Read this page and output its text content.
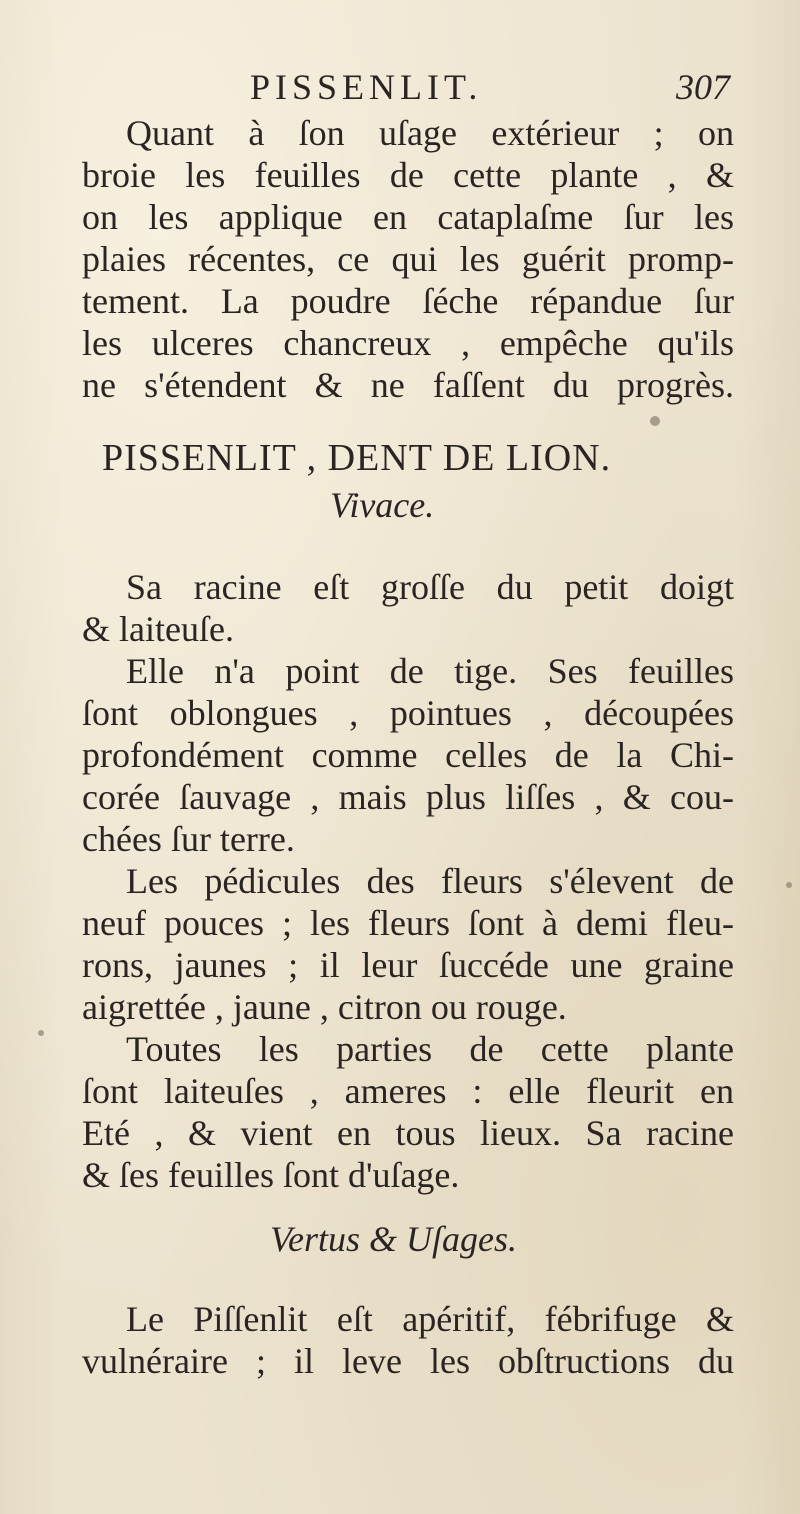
PISSENLIT.	307
Quant à ſon uſage extérieur ; on
broie les feuilles de cette plante , &
on les applique en cataplaſme ſur les
plaies récentes, ce qui les guérit promp-
tement. La poudre ſéche répandue ſur
les ulceres chancreux , empêche qu'ils
ne s'étendent & ne faſſent du progrès.
PISSENLIT , DENT DE LION.
Vivace.
Sa racine eſt groſſe du petit doigt
& laiteuſe.
Elle n'a point de tige. Ses feuilles
ſont oblongues , pointues , découpées
profondément comme celles de la Chi-
corée ſauvage , mais plus liſſes , & cou-
chées ſur terre.
Les pédicules des fleurs s'élevent de
neuf pouces ; les fleurs ſont à demi fleu-
rons, jaunes ; il leur ſuccéde une graine
aigrettée , jaune , citron ou rouge.
Toutes les parties de cette plante
ſont laiteuſes , ameres : elle fleurit en
Eté , & vient en tous lieux. Sa racine
& ſes feuilles ſont d'uſage.
Vertus & Uſages.
Le Piſſenlit eſt apéritif, fébrifuge &
vulnéraire ; il leve les obſtructions du
